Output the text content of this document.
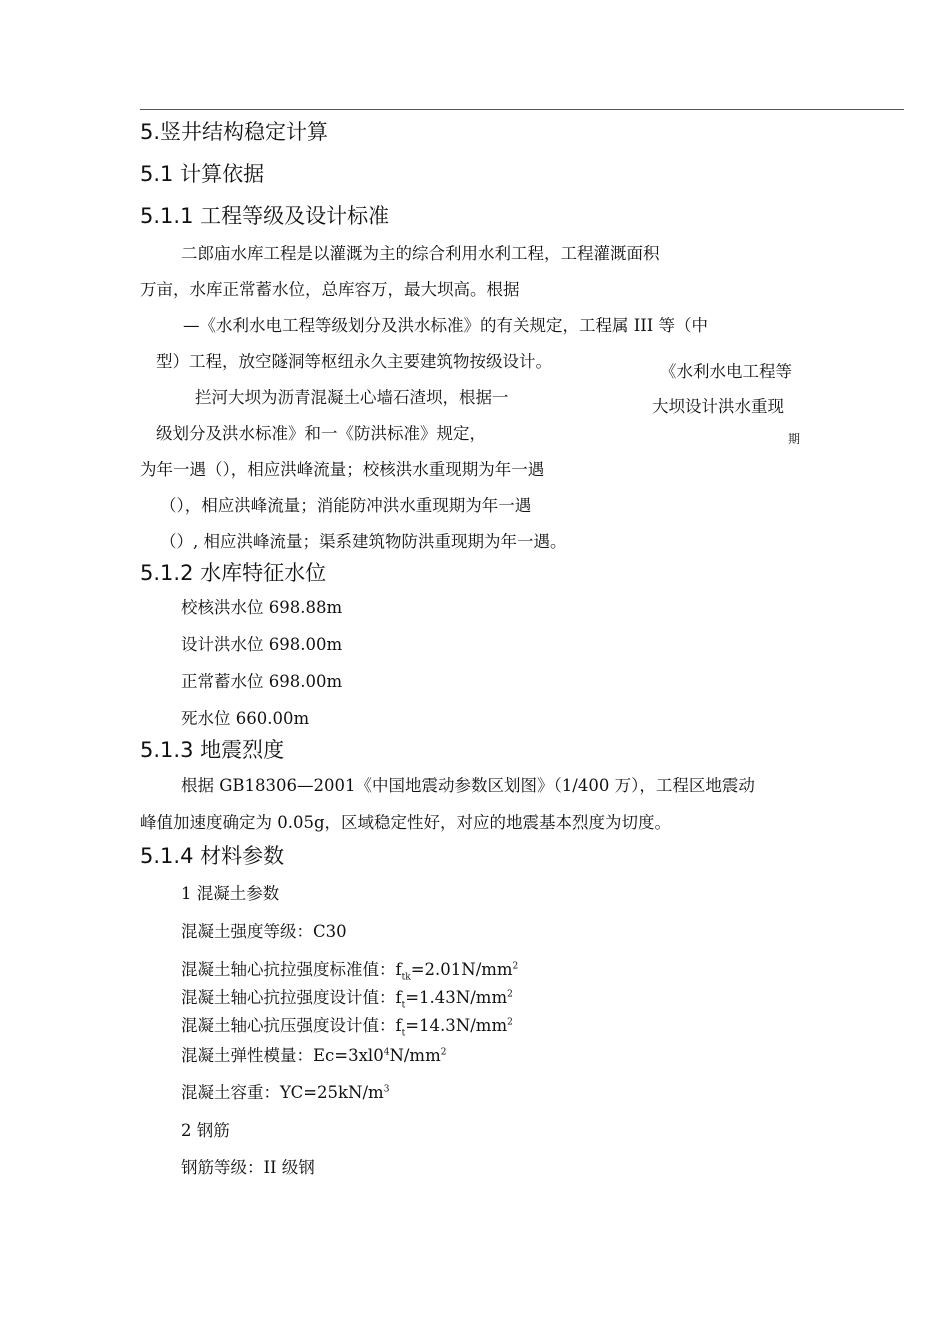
5.竖井结构稳定计算
5.1 计算依据
5.1.1 工程等级及设计标准
二郎庙水库工程是以灌溉为主的综合利用水利工程，工程灌溉面积
万亩，水库正常蓄水位，总库容万，最大坝高。根据
—《水利水电工程等级划分及洪水标准》的有关规定，工程属 III 等（中
型）工程，放空隧洞等枢纽永久主要建筑物按级设计。
《水利水电工程等
大坝设计洪水重现
期
拦河大坝为沥青混凝土心墙石渣坝，根据一
级划分及洪水标准》和一《防洪标准》规定，
为年一遇（），相应洪峰流量；校核洪水重现期为年一遇
（），相应洪峰流量；消能防冲洪水重现期为年一遇
（）, 相应洪峰流量；渠系建筑物防洪重现期为年一遇。
5.1.2 水库特征水位
校核洪水位 698.88m
设计洪水位 698.00m
正常蓄水位 698.00m
死水位 660.00m
5.1.3 地震烈度
根据 GB18306—2001《中国地震动参数区划图》（1/400 万），工程区地震动
峰值加速度确定为 0.05g，区域稳定性好，对应的地震基本烈度为切度。
5.1.4 材料参数
1 混凝土参数
混凝土强度等级：C30
混凝土轴心抗拉强度标准值：$f_{tk}=2.01N/mm^2$
混凝土轴心抗拉强度设计值：$f_t=1.43N/mm^2$
混凝土轴心抗压强度设计值：$f_t=14.3N/mm^2$
混凝土弹性模量：$Ec=3xl0^4N/mm^2$
混凝土容重：$YC=25kN/m^3$
2 钢筋
钢筋等级：II 级钢
